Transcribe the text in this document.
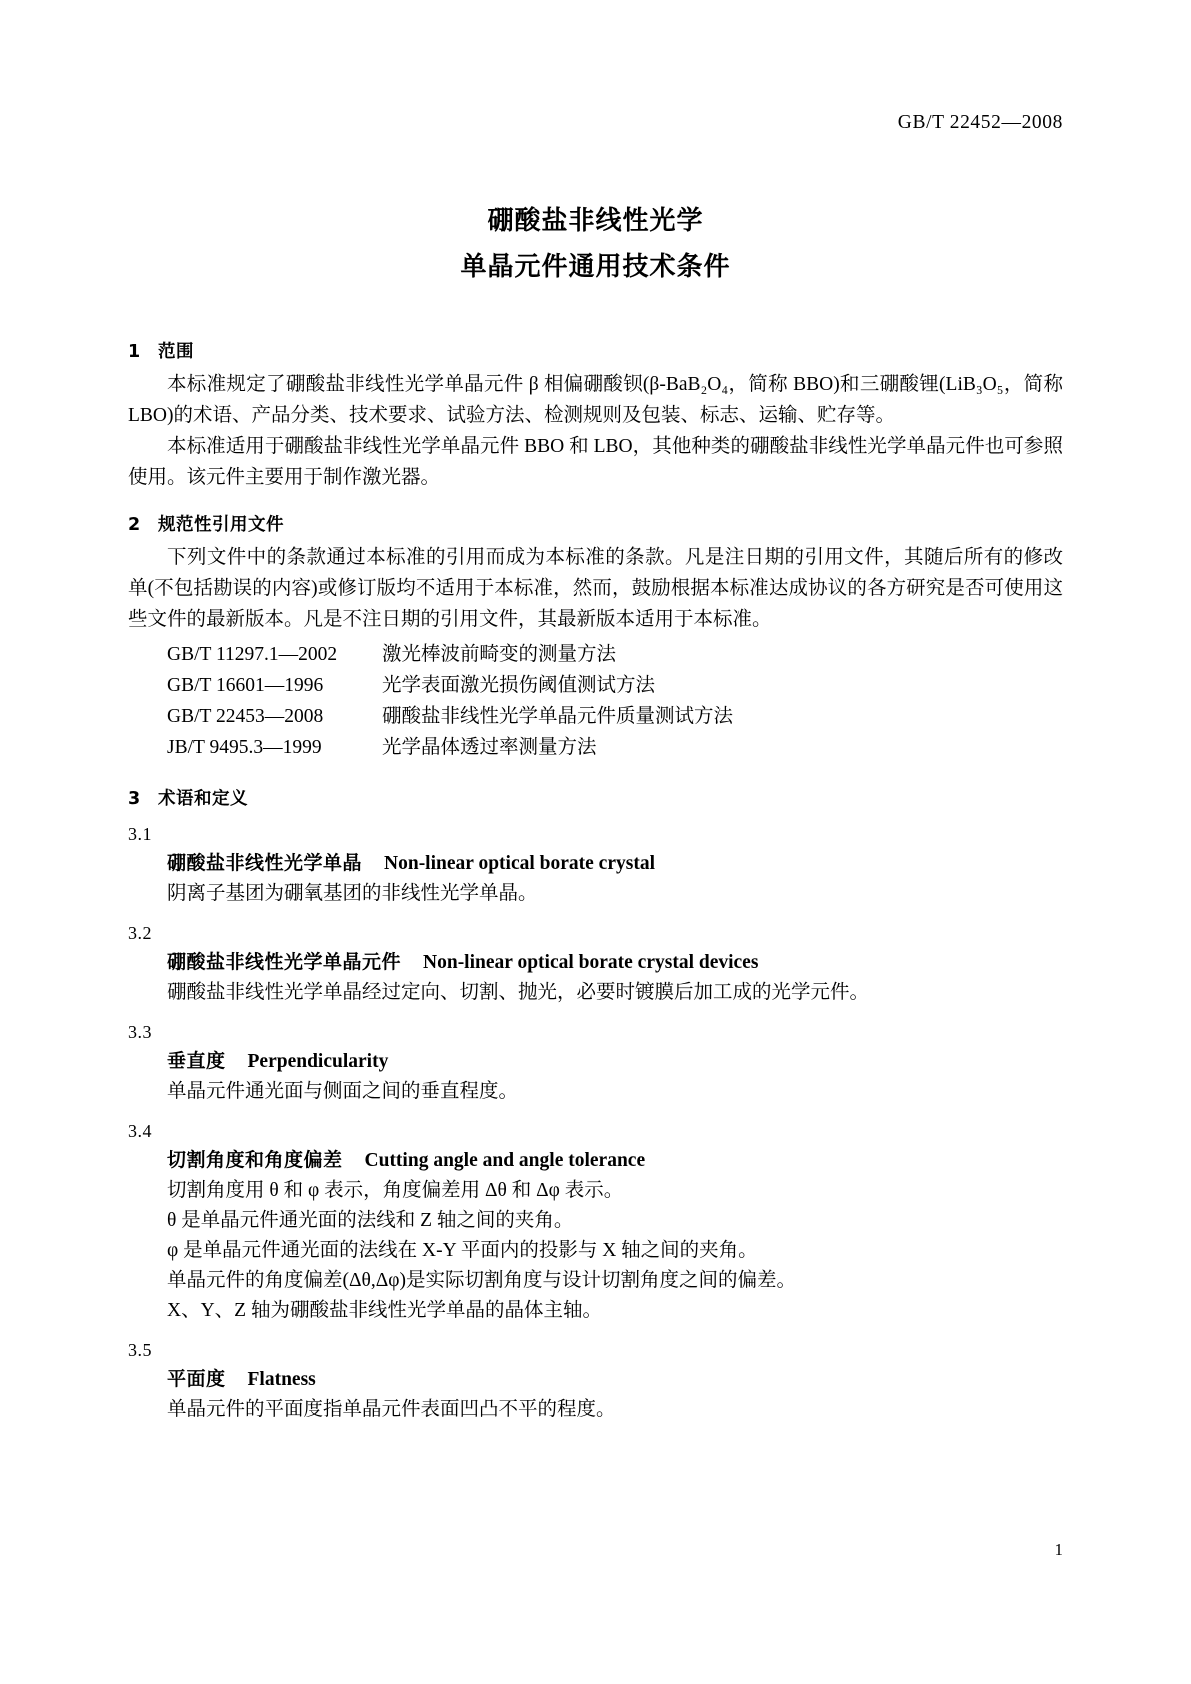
GB/T 22452—2008
硼酸盐非线性光学
单晶元件通用技术条件
1 范围

本标准规定了硼酸盐非线性光学单晶元件 β 相偏硼酸钡(β-BaB₂O₄，简称 BBO)和三硼酸锂(LiB₃O₅，简称 LBO)的术语、产品分类、技术要求、试验方法、检测规则及包装、标志、运输、贮存等。

本标准适用于硼酸盐非线性光学单晶元件 BBO 和 LBO，其他种类的硼酸盐非线性光学单晶元件也可参照使用。该元件主要用于制作激光器。

2 规范性引用文件

下列文件中的条款通过本标准的引用而成为本标准的条款。凡是注日期的引用文件，其随后所有的修改单(不包括勘误的内容)或修订版均不适用于本标准，然而，鼓励根据本标准达成协议的各方研究是否可使用这些文件的最新版本。凡是不注日期的引用文件，其最新版本适用于本标准。

GB/T 11297.1—2002 激光棒波前畸变的测量方法
GB/T 16601—1996	光学表面激光损伤阈值测试方法
GB/T 22453—2008	硼酸盐非线性光学单晶元件质量测试方法
JB/T 9495.3—1999	光学晶体透过率测量方法
3 术语和定义
3.1
硼酸盐非线性光学单晶 Non-linear optical borate crystal
阴离子基团为硼氧基团的非线性光学单晶。
3.2
硼酸盐非线性光学单晶元件 Non-linear optical borate crystal devices
硼酸盐非线性光学单晶经过定向、切割、抛光，必要时镀膜后加工成的光学元件。
3.3
垂直度 Perpendicularity
单晶元件通光面与侧面之间的垂直程度。
3.4
切割角度和角度偏差 Cutting angle and angle tolerance
切割角度用 θ 和 φ 表示，角度偏差用 Δθ 和 Δφ 表示。
θ 是单晶元件通光面的法线和 Z 轴之间的夹角。
φ 是单晶元件通光面的法线在 X-Y 平面内的投影与 X 轴之间的夹角。
单晶元件的角度偏差(Δθ,Δφ)是实际切割角度与设计切割角度之间的偏差。
X、Y、Z 轴为硼酸盐非线性光学单晶的晶体主轴。
3.5
平面度 Flatness
单晶元件的平面度指单晶元件表面凹凸不平的程度。
1
